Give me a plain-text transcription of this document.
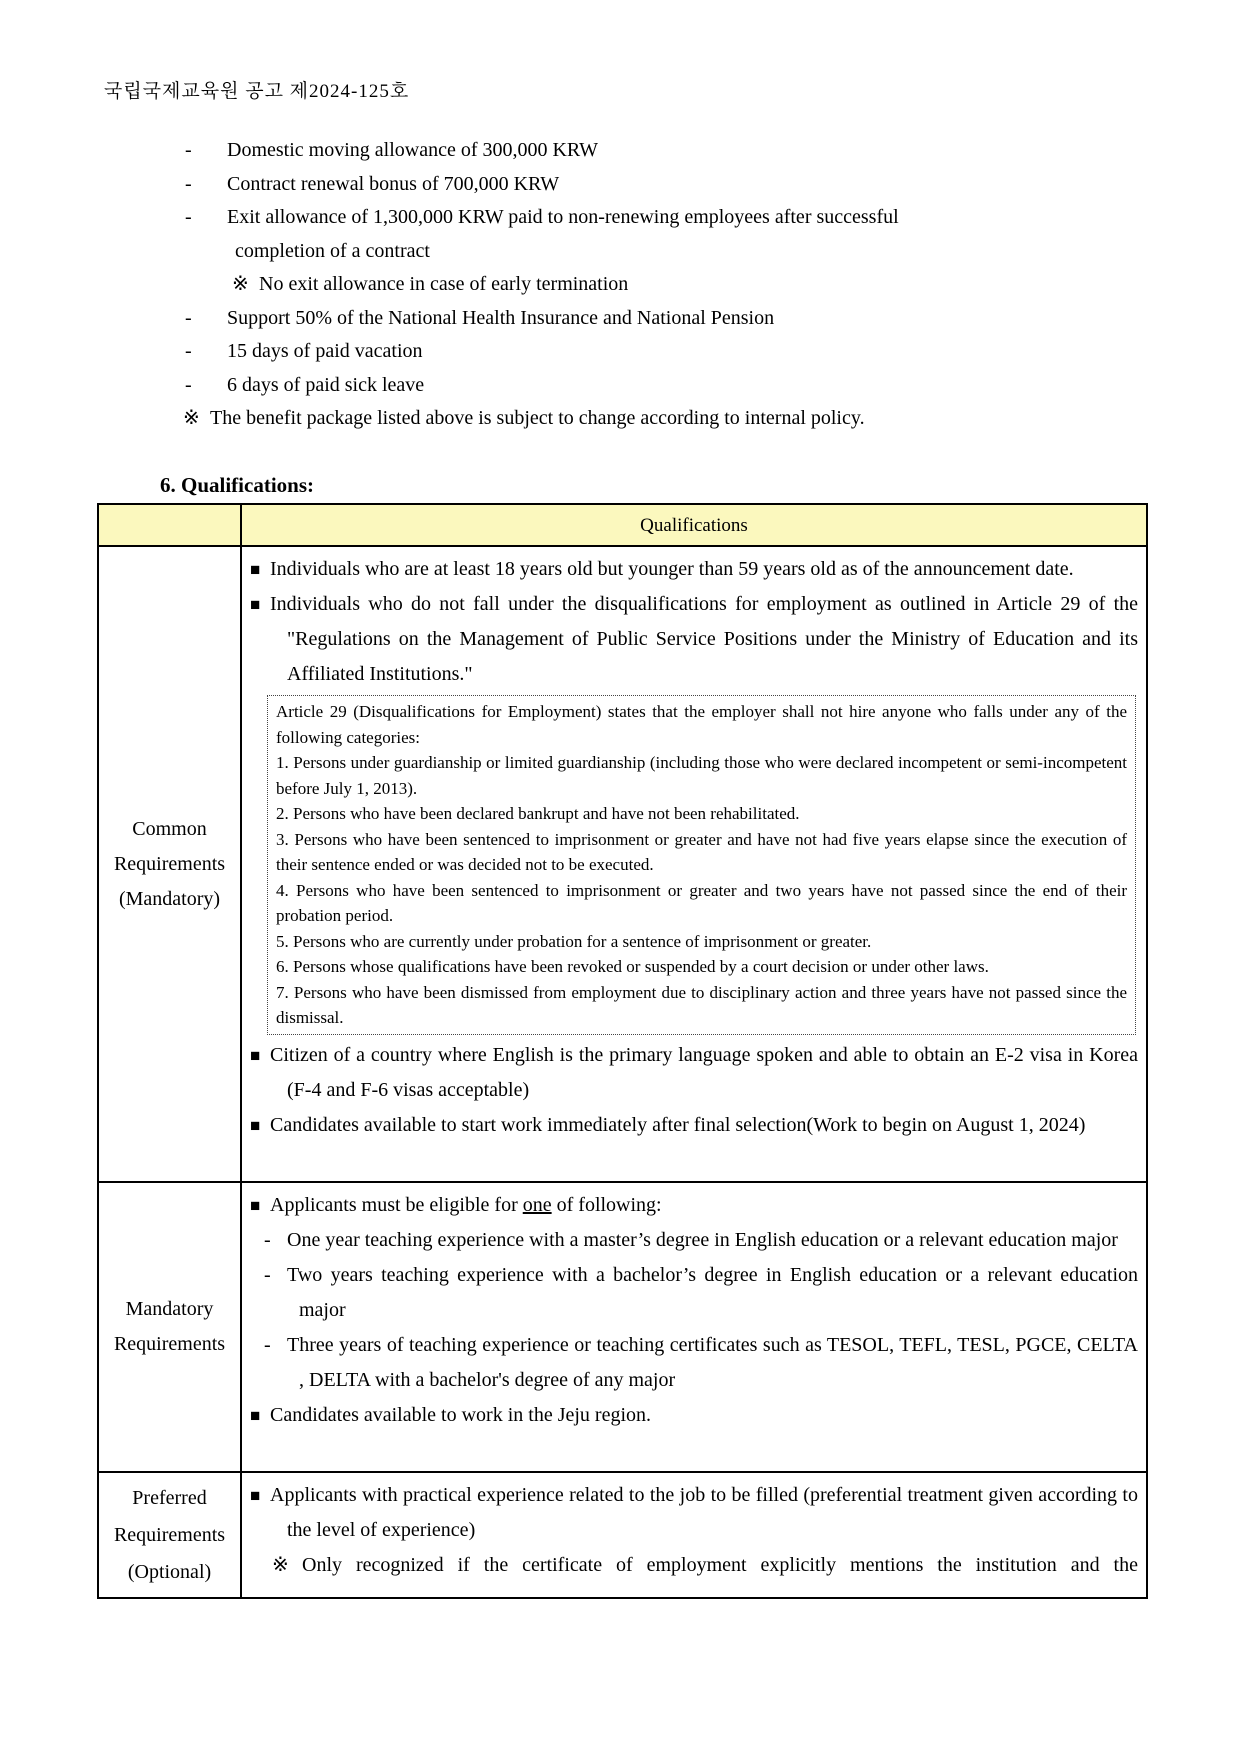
국립국제교육원 공고 제2024-125호
- Domestic moving allowance of 300,000 KRW
- Contract renewal bonus of 700,000 KRW
- Exit allowance of 1,300,000 KRW paid to non-renewing employees after successful
completion of a contract
※ No exit allowance in case of early termination
- Support 50% of the National Health Insurance and National Pension
- 15 days of paid vacation
- 6 days of paid sick leave
※ The benefit package listed above is subject to change according to internal policy.
6. Qualifications:
Qualifications
Common
Requirements
(Mandatory)
■ Individuals who are at least 18 years old but younger than 59 years old as of the announcement date.
■ Individuals who do not fall under the disqualifications for employment as outlined in Article 29 of the "Regulations on the Management of Public Service Positions under the Ministry of Education and its Affiliated Institutions."

Article 29 (Disqualifications for Employment) states that the employer shall not hire anyone who falls under any of the following categories:

1. Persons under guardianship or limited guardianship (including those who were declared incompetent or semi-incompetent before July 1, 2013).

2. Persons who have been declared bankrupt and have not been rehabilitated.

3. Persons who have been sentenced to imprisonment or greater and have not had five years elapse since the execution of their sentence ended or was decided not to be executed.

4. Persons who have been sentenced to imprisonment or greater and two years have not passed since the end of their probation period.

5. Persons who are currently under probation for a sentence of imprisonment or greater.

6. Persons whose qualifications have been revoked or suspended by a court decision or under other laws.

7. Persons who have been dismissed from employment due to disciplinary action and three years have not passed since the dismissal.

■ Citizen of a country where English is the primary language spoken and able to obtain an E-2 visa in Korea (F-4 and F-6 visas acceptable)
■ Candidates available to start work immediately after final selection(Work to begin on August 1, 2024)
Mandatory
Requirements
■ Applicants must be eligible for one of following:
- One year teaching experience with a master’s degree in English education or a relevant education major
- Two years teaching experience with a bachelor’s degree in English education or a relevant education major
- Three years of teaching experience or teaching certificates such as TESOL, TEFL, TESL, PGCE, CELTA , DELTA with a bachelor's degree of any major
■ Candidates available to work in the Jeju region.
Preferred
Requirements
(Optional)
■ Applicants with practical experience related to the job to be filled (preferential treatment given according to the level of experience)
※ Only recognized if the certificate of employment explicitly mentions the institution and the
